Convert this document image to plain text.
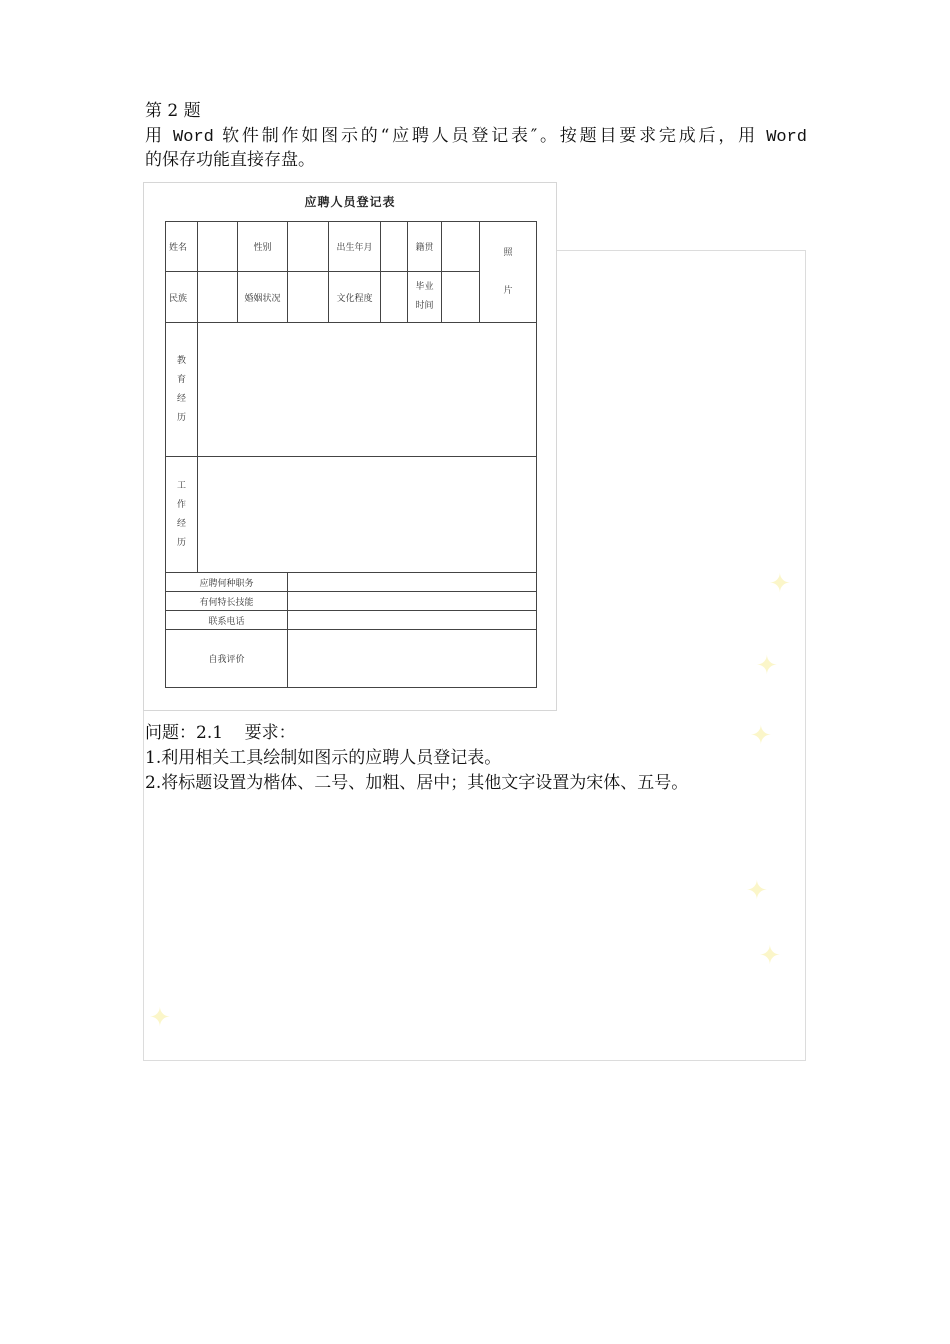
✦
✦
✦
✦
✦
✦
第 2 题
用 Word 软件制作如图示的“应聘人员登记表″。按题目要求完成后，用 Word
的保存功能直接存盘。
应聘人员登记表
姓名		性别		出生年月		籍贯		照片
民族		婚姻状况		文化程度		毕业时间		
教育经历								
工作经历								
应聘何种职务								
有何特长技能								
联系电话								
自我评价								
问题：2.1    要求：
1.利用相关工具绘制如图示的应聘人员登记表。
2.将标题设置为楷体、二号、加粗、居中；其他文字设置为宋体、五号。
